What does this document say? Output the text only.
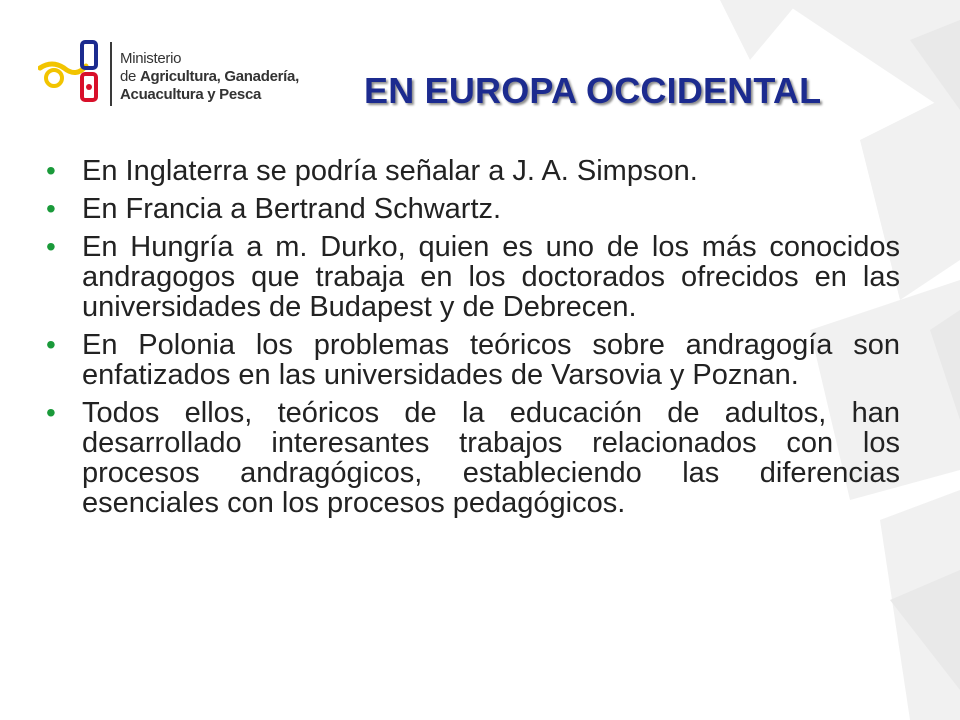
Ministerio
de Agricultura, Ganadería,
Acuacultura y Pesca	EN EUROPA OCCIDENTAL
• En Inglaterra se podría señalar a J. A. Simpson.
• En Francia a Bertrand Schwartz.
• En Hungría a m. Durko, quien es uno de los más conocidos andragogos que trabaja en los doctorados ofrecidos en las universidades de Budapest y de Debrecen.
• En Polonia los problemas teóricos sobre andragogía son enfatizados en las universidades de Varsovia y Poznan.
• Todos ellos, teóricos de la educación de adultos, han desarrollado interesantes trabajos relacionados con los procesos andragógicos, estableciendo las diferencias esenciales con los procesos pedagógicos.
